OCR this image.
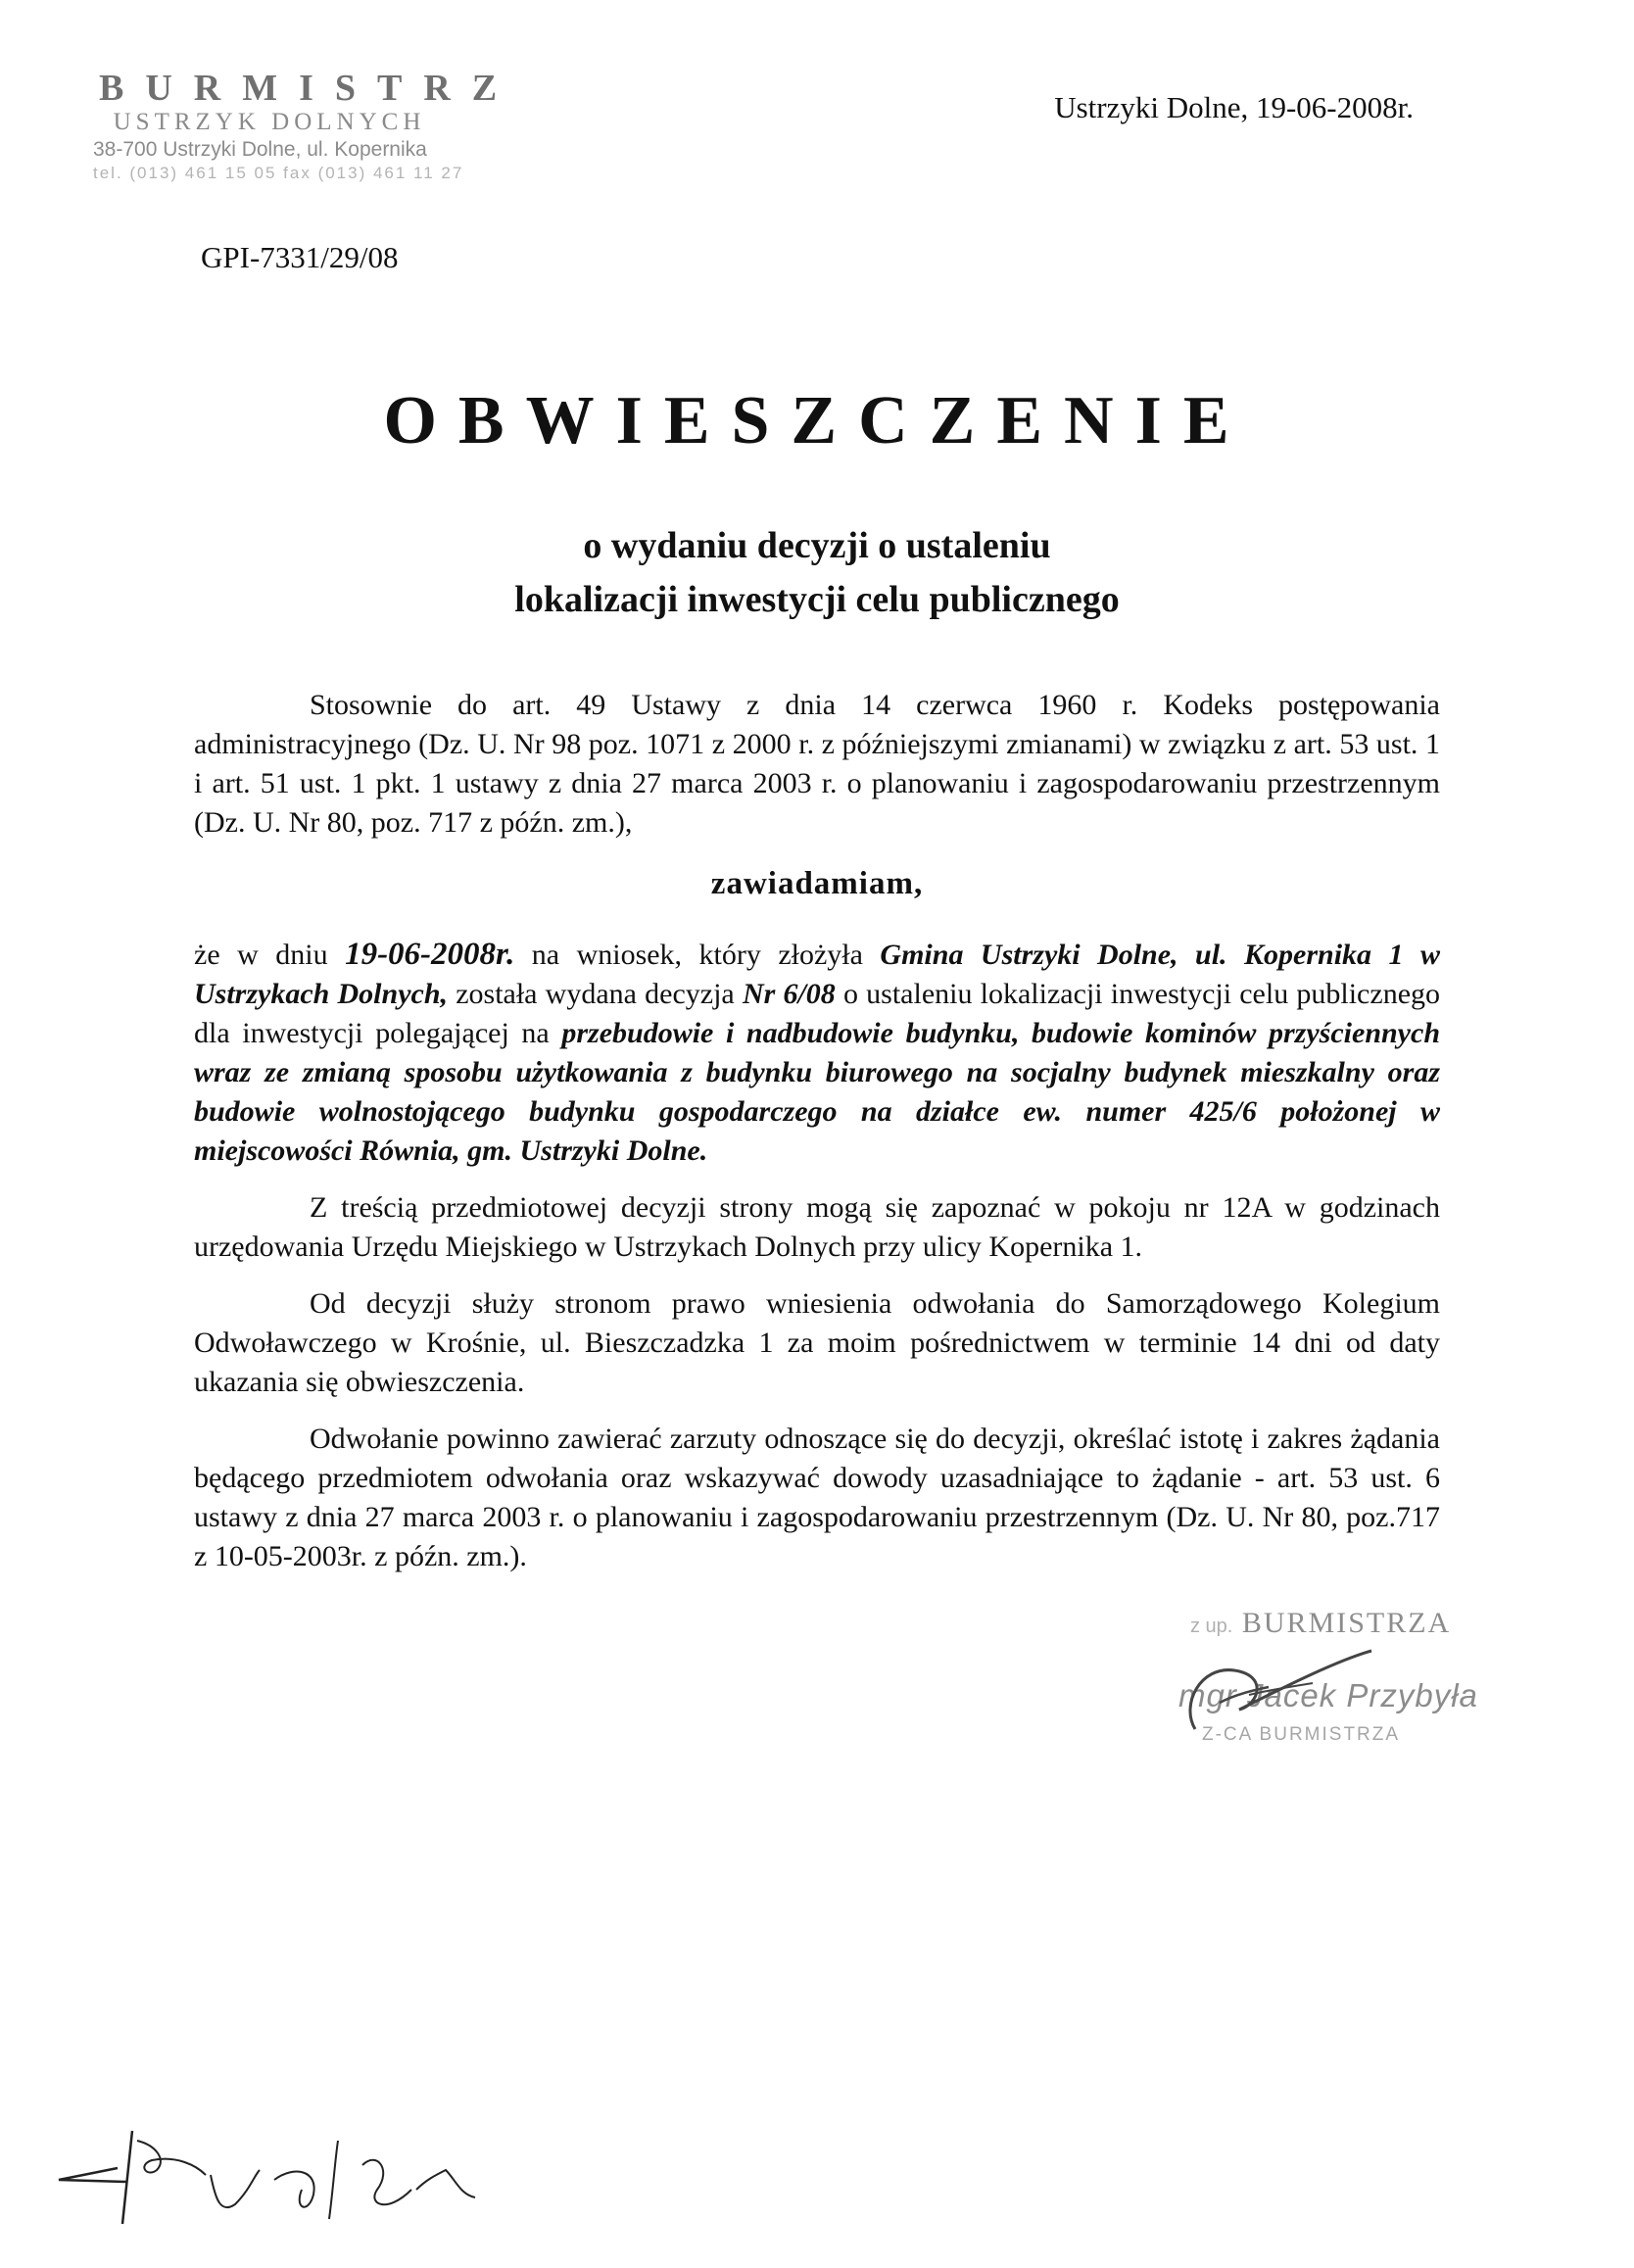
BURMISTRZ
USTRZYK DOLNYCH
38-700 Ustrzyki Dolne, ul. Kopernika
tel. (013) 461 15 05 fax (013) 461 11 27
Ustrzyki Dolne, 19-06-2008r.
GPI-7331/29/08
OBWIESZCZENIE
o wydaniu decyzji o ustaleniu
lokalizacji inwestycji celu publicznego

Stosownie do art. 49 Ustawy z dnia 14 czerwca 1960 r. Kodeks postępowania administracyjnego (Dz. U. Nr 98 poz. 1071 z 2000 r. z późniejszymi zmianami) w związku z art. 53 ust. 1 i art. 51 ust. 1 pkt. 1 ustawy z dnia 27 marca 2003 r. o planowaniu i zagospodarowaniu przestrzennym (Dz. U. Nr 80, poz. 717 z późn. zm.),

zawiadamiam,

że w dniu 19-06-2008r. na wniosek, który złożyła Gmina Ustrzyki Dolne, ul. Kopernika 1 w Ustrzykach Dolnych, została wydana decyzja Nr 6/08 o ustaleniu lokalizacji inwestycji celu publicznego dla inwestycji polegającej na przebudowie i nadbudowie budynku, budowie kominów przyściennych wraz ze zmianą sposobu użytkowania z budynku biurowego na socjalny budynek mieszkalny oraz budowie wolnostojącego budynku gospodarczego na działce ew. numer 425/6 położonej w miejscowości Równia, gm. Ustrzyki Dolne.

Z treścią przedmiotowej decyzji strony mogą się zapoznać w pokoju nr 12A w godzinach urzędowania Urzędu Miejskiego w Ustrzykach Dolnych przy ulicy Kopernika 1.

Od decyzji służy stronom prawo wniesienia odwołania do Samorządowego Kolegium Odwoławczego w Krośnie, ul. Bieszczadzka 1 za moim pośrednictwem w terminie 14 dni od daty ukazania się obwieszczenia.

Odwołanie powinno zawierać zarzuty odnoszące się do decyzji, określać istotę i zakres żądania będącego przedmiotem odwołania oraz wskazywać dowody uzasadniające to żądanie - art. 53 ust. 6 ustawy z dnia 27 marca 2003 r. o planowaniu i zagospodarowaniu przestrzennym (Dz. U. Nr 80, poz.717 z 10-05-2003r. z późn. zm.).

z up. BURMISTRZA
mgr Jacek Przybyła
Z-CA BURMISTRZA
